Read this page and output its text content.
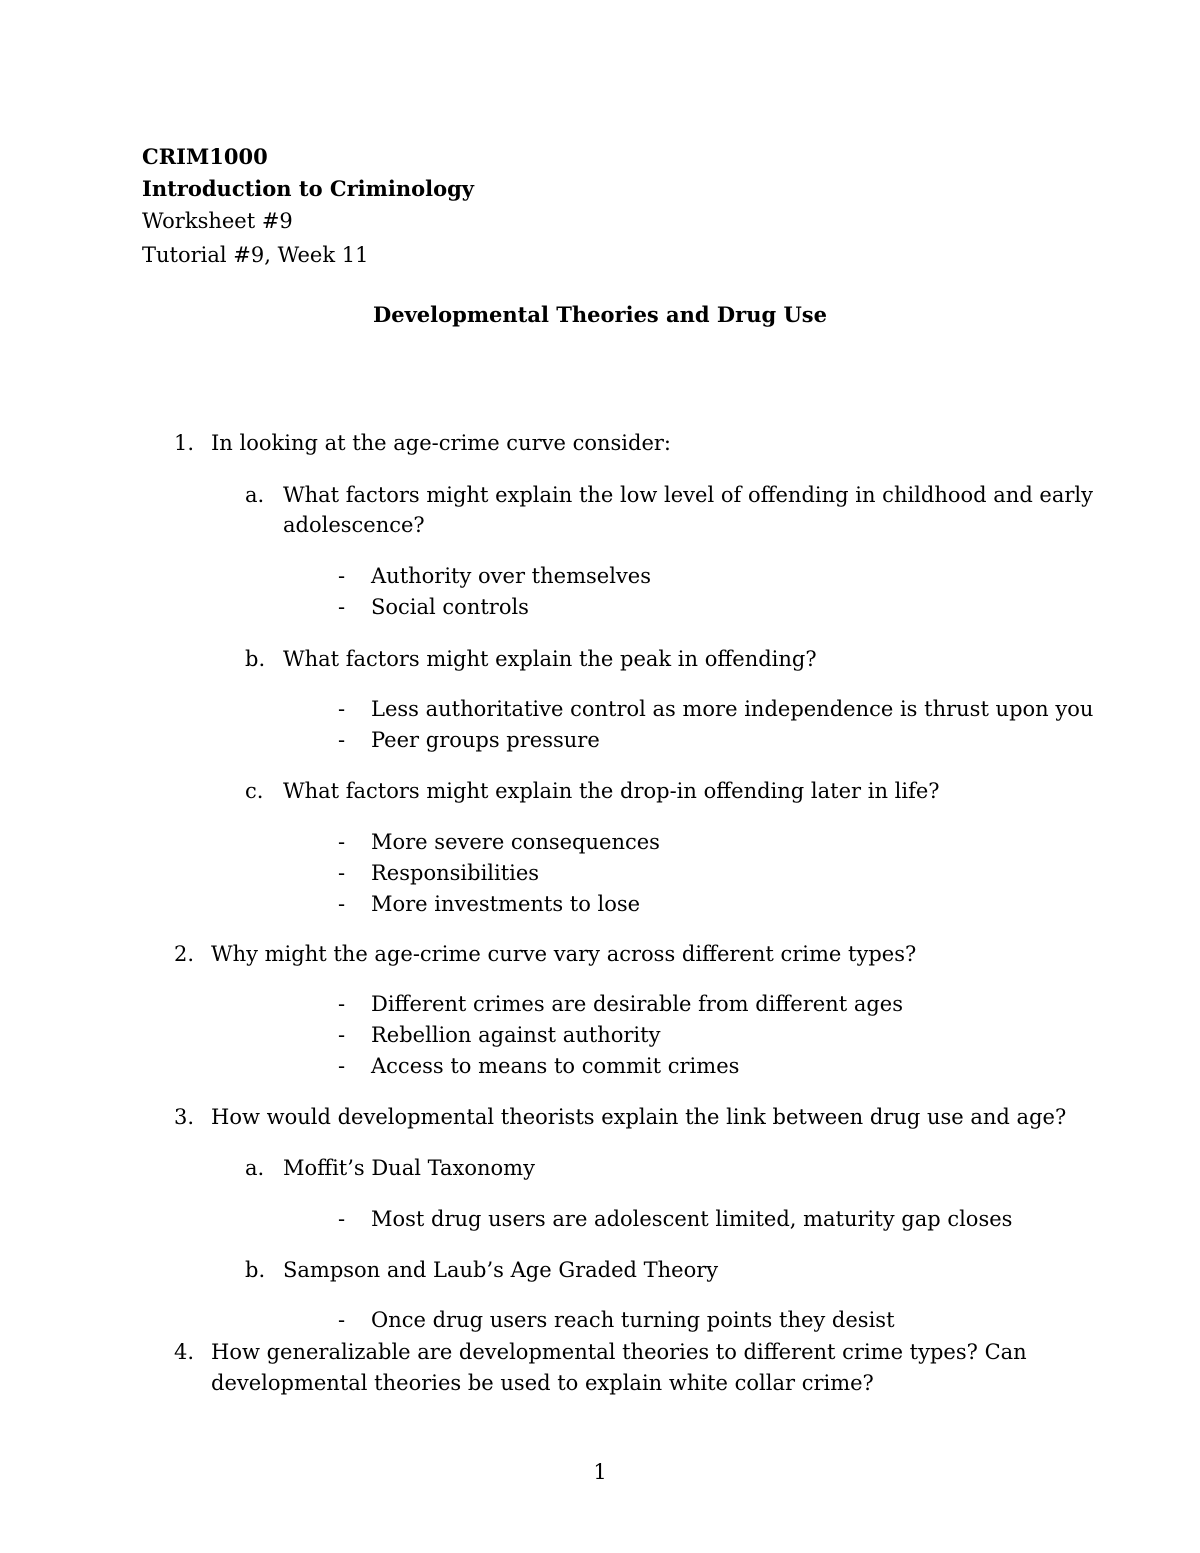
CRIM1000
Introduction to Criminology
Worksheet #9
Tutorial #9, Week 11
Developmental Theories and Drug Use
1. In looking at the age-crime curve consider:
a. What factors might explain the low level of offending in childhood and early
adolescence?
- Authority over themselves
- Social controls
b. What factors might explain the peak in offending?
- Less authoritative control as more independence is thrust upon you
- Peer groups pressure
c. What factors might explain the drop-in offending later in life?
- More severe consequences
- Responsibilities
- More investments to lose
2. Why might the age-crime curve vary across different crime types?
- Different crimes are desirable from different ages
- Rebellion against authority
- Access to means to commit crimes
3. How would developmental theorists explain the link between drug use and age?
a. Moffit’s Dual Taxonomy
- Most drug users are adolescent limited, maturity gap closes
b. Sampson and Laub’s Age Graded Theory
- Once drug users reach turning points they desist
4. How generalizable are developmental theories to different crime types? Can
developmental theories be used to explain white collar crime?
1
